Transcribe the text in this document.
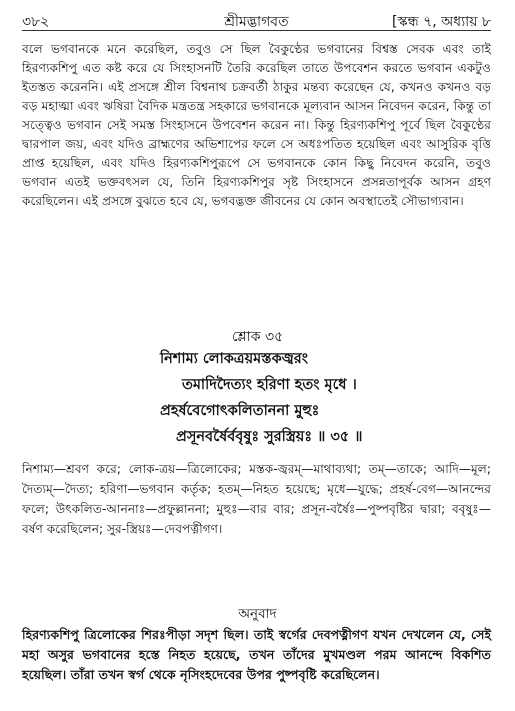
৩৮২	শ্রীমদ্ভাগবত	[স্কন্ধ ৭, অধ্যায় ৮

বলে ভগবানকে মনে করেছিল, তবুও সে ছিল বৈকুণ্ঠের ভগবানের বিশ্বস্ত সেবক এবং তাই হিরণ্যকশিপু এত কষ্ট করে যে সিংহাসনটি তৈরি করেছিল তাতে উপবেশন করতে ভগবান একটুও ইতস্তত করেননি। এই প্রসঙ্গে শ্রীল বিশ্বনাথ চক্রবর্তী ঠাকুর মন্তব্য করেছেন যে, কখনও কখনও বড় বড় মহাত্মা এবং ঋষিরা বৈদিক মন্ত্রতন্ত্র সহকারে ভগবানকে মূল্যবান আসন নিবেদন করেন, কিন্তু তা সত্ত্বেও ভগবান সেই সমস্ত সিংহাসনে উপবেশন করেন না। কিন্তু হিরণ্যকশিপু পূর্বে ছিল বৈকুণ্ঠের দ্বারপাল জয়, এবং যদিও ব্রাহ্মণের অভিশাপের ফলে সে অধঃপতিত হয়েছিল এবং আসুরিক বৃত্তি প্রাপ্ত হয়েছিল, এবং যদিও হিরণ্যকশিপুরূপে সে ভগবানকে কোন কিছু নিবেদন করেনি, তবুও ভগবান এতই ভক্তবৎসল যে, তিনি হিরণ্যকশিপুর সৃষ্ট সিংহাসনে প্রসন্নতাপূর্বক আসন গ্রহণ করেছিলেন। এই প্রসঙ্গে বুঝতে হবে যে, ভগবদ্ভক্ত জীবনের যে কোন অবস্থাতেই সৌভাগ্যবান।

শ্লোক ৩৫
নিশাম্য লোকত্রয়মস্তকজ্বরং
তমাদিদৈত্যং হরিণা হতং মৃধে ।
প্রহর্ষবেগোৎকলিতাননা মুহুঃ
প্রসূনবর্ষৈর্ববৃষুঃ সুরস্ত্রিয়ঃ ॥ ৩৫ ॥

নিশাম্য—শ্রবণ করে; লোক-ত্রয়—ত্রিলোকের; মস্তক-জ্বরম্—মাথাব্যথা; তম্—তাকে; আদি—মূল; দৈত্যম্—দৈত্য; হরিণা—ভগবান কর্তৃক; হতম্—নিহত হয়েছে; মৃধে—যুদ্ধে; প্রহর্ষ-বেগ—আনন্দের ফলে; উৎকলিত-আননাঃ—প্রফুল্লাননা; মুহুঃ—বার বার; প্রসূন-বর্ষৈঃ—পুষ্পবৃষ্টির দ্বারা; ববৃষুঃ—বর্ষণ করেছিলেন; সুর-স্ত্রিয়ঃ—দেবপত্নীগণ।

অনুবাদ

হিরণ্যকশিপু ত্রিলোকের শিরঃপীড়া সদৃশ ছিল। তাই স্বর্গের দেবপত্নীগণ যখন দেখলেন যে, সেই মহা অসুর ভগবানের হস্তে নিহত হয়েছে, তখন তাঁদের মুখমণ্ডল পরম আনন্দে বিকশিত হয়েছিল। তাঁরা তখন স্বর্গ থেকে নৃসিংহদেবের উপর পুষ্পবৃষ্টি করেছিলেন।
